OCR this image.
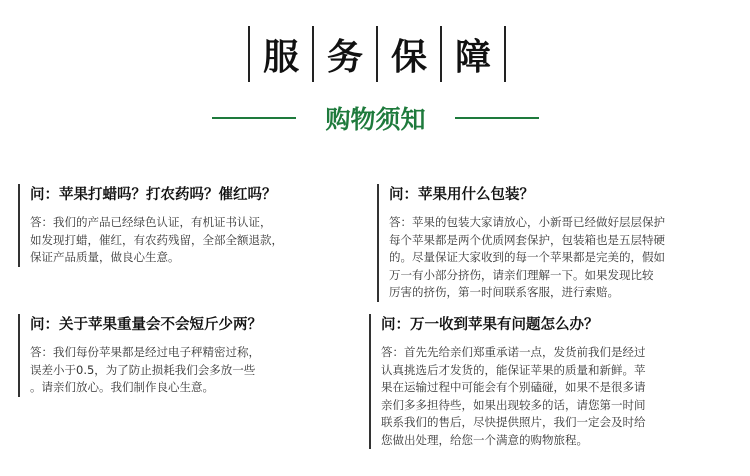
服 务 保 障
购物须知
问：苹果打蜡吗？打农药吗？催红吗？
答：我们的产品已经绿色认证，有机证书认证，
如发现打蜡，催红，有农药残留，全部全额退款，
保证产品质量，做良心生意。
问：苹果用什么包装？
答：苹果的包装大家请放心，小新哥已经做好层层保护
每个苹果都是两个优质网套保护，包装箱也是五层特硬
的。尽量保证大家收到的每一个苹果都是完美的，假如
万一有小部分挤伤，请亲们理解一下。如果发现比较
厉害的挤伤，第一时间联系客服，进行索赔。
问：关于苹果重量会不会短斤少两？
答：我们每份苹果都是经过电子秤精密过称，
误差小于0.5，为了防止损耗我们会多放一些
。请亲们放心。我们制作良心生意。
问：万一收到苹果有问题怎么办？
答：首先先给亲们郑重承诺一点，发货前我们是经过
认真挑选后才发货的，能保证苹果的质量和新鲜。苹
果在运输过程中可能会有个别磕碰，如果不是很多请
亲们多多担待些，如果出现较多的话，请您第一时间
联系我们的售后，尽快提供照片，我们一定会及时给
您做出处理，给您一个满意的购物旅程。
